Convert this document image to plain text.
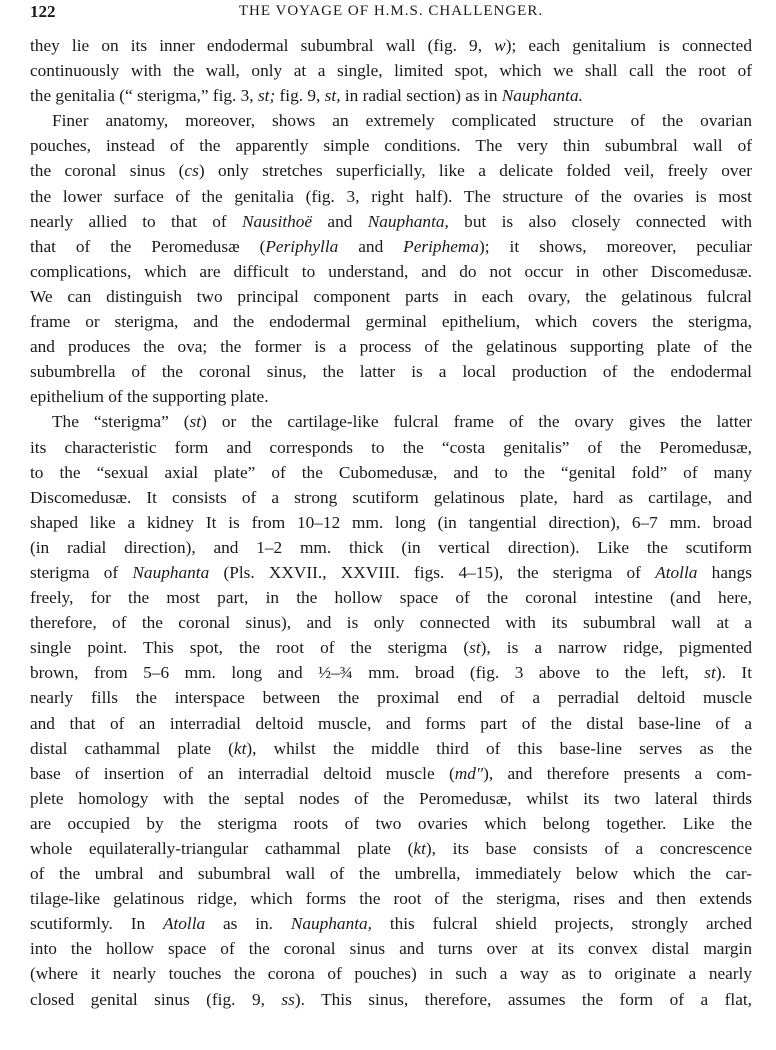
122	THE VOYAGE OF H.M.S. CHALLENGER.
they lie on its inner endodermal subumbral wall (fig. 9, w); each genitalium is connected
continuously with the wall, only at a single, limited spot, which we shall call the root of
the genitalia (“ sterigma,” fig. 3, st; fig. 9, st, in radial section) as in Nauphanta.
Finer anatomy, moreover, shows an extremely complicated structure of the ovarian
pouches, instead of the apparently simple conditions. The very thin subumbral wall of
the coronal sinus (cs) only stretches superficially, like a delicate folded veil, freely over
the lower surface of the genitalia (fig. 3, right half). The structure of the ovaries is most
nearly allied to that of Nausithoë and Nauphanta, but is also closely connected with
that of the Peromedusæ (Periphylla and Periphema); it shows, moreover, peculiar
complications, which are difficult to understand, and do not occur in other Discomedusæ.
We can distinguish two principal component parts in each ovary, the gelatinous fulcral
frame or sterigma, and the endodermal germinal epithelium, which covers the sterigma,
and produces the ova; the former is a process of the gelatinous supporting plate of the
subumbrella of the coronal sinus, the latter is a local production of the endodermal
epithelium of the supporting plate.
The “sterigma” (st) or the cartilage-like fulcral frame of the ovary gives the latter
its characteristic form and corresponds to the “costa genitalis” of the Peromedusæ,
to the “sexual axial plate” of the Cubomedusæ, and to the “genital fold” of many
Discomedusæ. It consists of a strong scutiform gelatinous plate, hard as cartilage, and
shaped like a kidney It is from 10–12 mm. long (in tangential direction), 6–7 mm. broad
(in radial direction), and 1–2 mm. thick (in vertical direction). Like the scutiform
sterigma of Nauphanta (Pls. XXVII., XXVIII. figs. 4–15), the sterigma of Atolla hangs
freely, for the most part, in the hollow space of the coronal intestine (and here,
therefore, of the coronal sinus), and is only connected with its subumbral wall at a
single point. This spot, the root of the sterigma (st), is a narrow ridge, pigmented
brown, from 5–6 mm. long and ½–¾ mm. broad (fig. 3 above to the left, st). It
nearly fills the interspace between the proximal end of a perradial deltoid muscle
and that of an interradial deltoid muscle, and forms part of the distal base-line of a
distal cathammal plate (kt), whilst the middle third of this base-line serves as the
base of insertion of an interradial deltoid muscle (md″), and therefore presents a com-
plete homology with the septal nodes of the Peromedusæ, whilst its two lateral thirds
are occupied by the sterigma roots of two ovaries which belong together. Like the
whole equilaterally-triangular cathammal plate (kt), its base consists of a concrescence
of the umbral and subumbral wall of the umbrella, immediately below which the car-
tilage-like gelatinous ridge, which forms the root of the sterigma, rises and then extends
scutiformly. In Atolla as in. Nauphanta, this fulcral shield projects, strongly arched
into the hollow space of the coronal sinus and turns over at its convex distal margin
(where it nearly touches the corona of pouches) in such a way as to originate a nearly
closed genital sinus (fig. 9, ss). This sinus, therefore, assumes the form of a flat,
